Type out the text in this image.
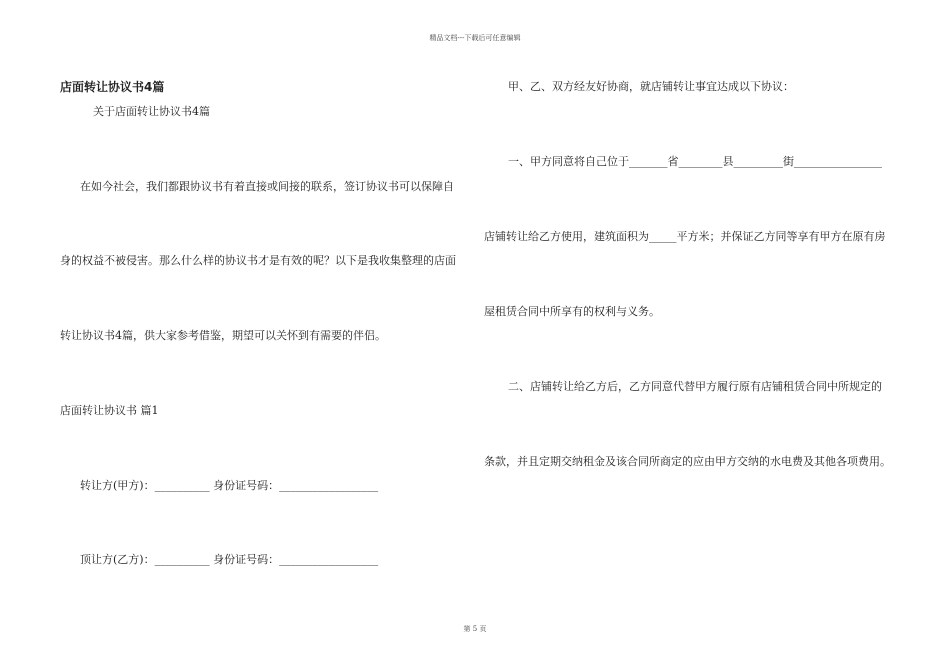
精品文档---下载后可任意编辑
店面转让协议书4篇
关于店面转让协议书4篇
在如今社会，我们都跟协议书有着直接或间接的联系，签订协议书可以保障自
身的权益不被侵害。那么什么样的协议书才是有效的呢？以下是我收集整理的店面
转让协议书4篇，供大家参考借鉴，期望可以关怀到有需要的伴侣。
店面转让协议书 篇1
转让方(甲方)：__________ 身份证号码：__________________
顶让方(乙方)：__________ 身份证号码：__________________
甲、乙、双方经友好协商，就店铺转让事宜达成以下协议：
一、甲方同意将自己位于_______省________县_________街________________
店铺转让给乙方使用，建筑面积为_____平方米；并保证乙方同等享有甲方在原有房
屋租赁合同中所享有的权利与义务。
二、店铺转让给乙方后，乙方同意代替甲方履行原有店铺租赁合同中所规定的
条款，并且定期交纳租金及该合同所商定的应由甲方交纳的水电费及其他各项费用。
第 5 页
